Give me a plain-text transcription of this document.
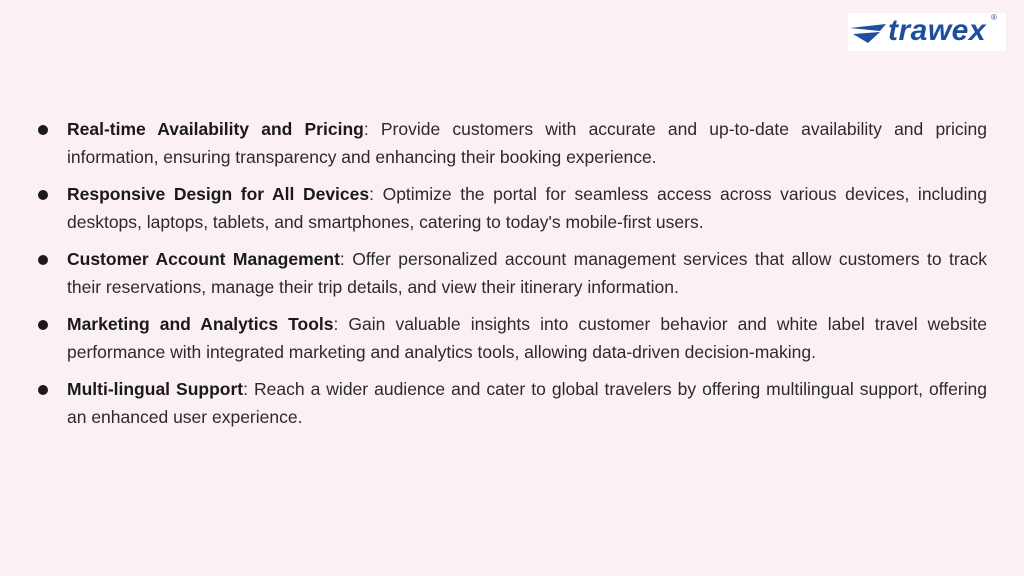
trawex ®
Real-time Availability and Pricing: Provide customers with accurate and up-to-date availability and pricing information, ensuring transparency and enhancing their booking experience.
Responsive Design for All Devices: Optimize the portal for seamless access across various devices, including desktops, laptops, tablets, and smartphones, catering to today's mobile-first users.
Customer Account Management: Offer personalized account management services that allow customers to track their reservations, manage their trip details, and view their itinerary information.
Marketing and Analytics Tools: Gain valuable insights into customer behavior and white label travel website performance with integrated marketing and analytics tools, allowing data-driven decision-making.
Multi-lingual Support: Reach a wider audience and cater to global travelers by offering multilingual support, offering an enhanced user experience.
